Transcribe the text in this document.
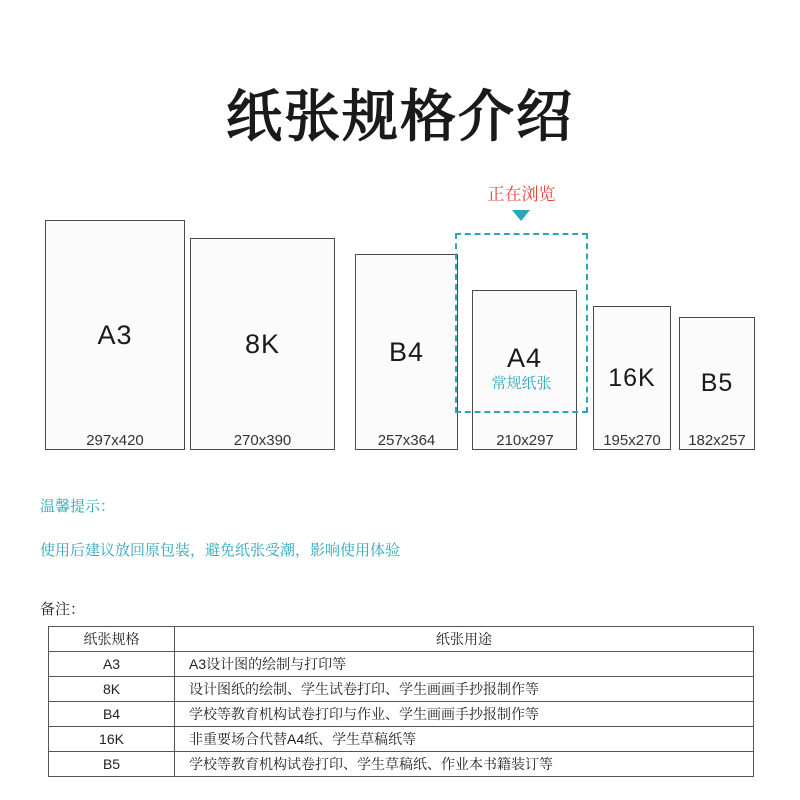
纸张规格介绍
A3	8K	B4	A4
常规纸张
正在浏览
16K B5
297x420	270x390	257x364	210x297	195x270	182x257
温馨提示：
使用后建议放回原包装，避免纸张受潮，影响使用体验
备注：
纸张规格	纸张用途
A3	A3设计图的绘制与打印等
8K	设计图纸的绘制、学生试卷打印、学生画画手抄报制作等
B4	学校等教育机构试卷打印与作业、学生画画手抄报制作等
16K	非重要场合代替A4纸、学生草稿纸等
B5	学校等教育机构试卷打印、学生草稿纸、作业本书籍装订等
